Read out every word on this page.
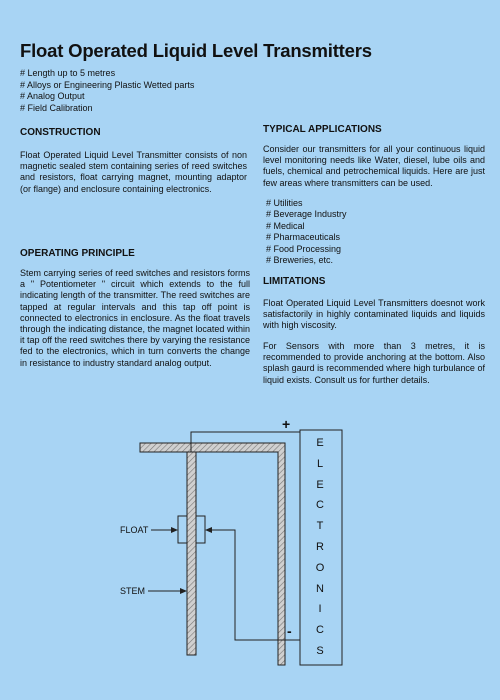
Float Operated Liquid Level Transmitters
# Length up to 5 metres
# Alloys or Engineering Plastic Wetted parts
# Analog Output
# Field Calibration
CONSTRUCTION

Float Operated Liquid Level Transmitter consists of non magnetic sealed stem containing series of reed switches and resistors, float carrying magnet, mounting adaptor (or flange) and enclosure containing electronics.

OPERATING PRINCIPLE

Stem carrying series of reed switches and resistors forms a " Potentiometer " circuit which extends to the full indicating length of the transmitter. The reed switches are tapped at regular intervals and this tap off point is connected to electronics in enclosure. As the float travels through the indicating distance, the magnet located within it tap off the reed switches there by varying the resistance fed to the electronics, which in turn converts the change in resistance to industry standard analog output.

TYPICAL APPLICATIONS

Consider our transmitters for all your continuous liquid level monitoring needs like Water, diesel, lube oils and fuels, chemical and petrochemical liquids. Here are just few areas where transmitters can be used.

# Utilities
# Beverage Industry
# Medical
# Pharmaceuticals
# Food Processing
# Breweries, etc.
LIMITATIONS

Float Operated Liquid Level Transmitters doesnot work satisfactorily in highly contaminated liquids and liquids with high viscosity.

For Sensors with more than 3 metres, it is recommended to provide anchoring at the bottom. Also splash gaurd is recommended where high turbulance of liquid exists. Consult us for further details.

FLOAT
STEM
+
-
E
L
E
C
T
R
O
N
I
C
S
